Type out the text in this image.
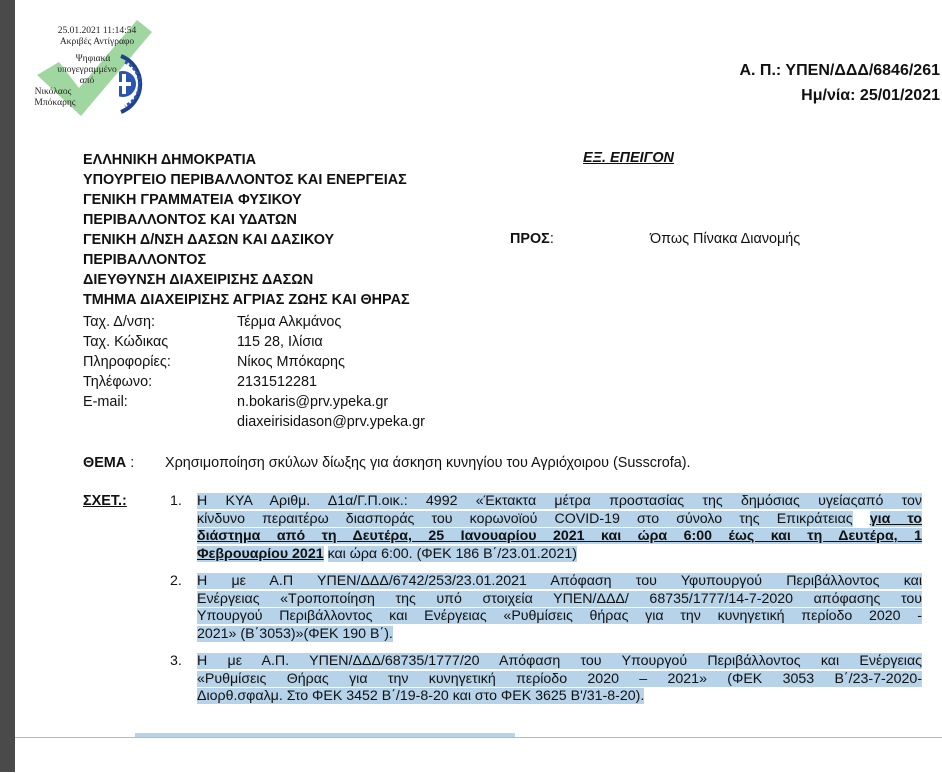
25.01.2021 11:14:54
Ακριβές Αντίγραφο
Ψηφιακά
υπογεγραμμένο
από
Νικόλαος
Μπόκαρης
Α. Π.: ΥΠΕΝ/ΔΔΔ/6846/261
Ημ/νία: 25/01/2021
ΕΛΛΗΝΙΚΗ ΔΗΜΟΚΡΑΤΙΑ
ΥΠΟΥΡΓΕΙΟ ΠΕΡΙΒΑΛΛΟΝΤΟΣ ΚΑΙ ΕΝΕΡΓΕΙΑΣ
ΓΕΝΙΚΗ ΓΡΑΜΜΑΤΕΙΑ ΦΥΣΙΚΟΥ
ΠΕΡΙΒΑΛΛΟΝΤΟΣ ΚΑΙ ΥΔΑΤΩΝ
ΓΕΝΙΚΗ Δ/ΝΣΗ ΔΑΣΩΝ ΚΑΙ ΔΑΣΙΚΟΥ
ΠΕΡΙΒΑΛΛΟΝΤΟΣ
ΔΙΕΥΘΥΝΣΗ ΔΙΑΧΕΙΡΙΣΗΣ ΔΑΣΩΝ
ΤΜΗΜΑ ΔΙΑΧΕΙΡΙΣΗΣ ΑΓΡΙΑΣ ΖΩΗΣ ΚΑΙ ΘΗΡΑΣ
ΕΞ. ΕΠΕΙΓΟΝ
ΠΡΟΣ:	Όπως Πίνακα Διανομής
Ταχ. Δ/νση:	Τέρμα Αλκμάνος
Ταχ. Κώδικας	115 28, Ιλίσια
Πληροφορίες:	Νίκος Μπόκαρης
Τηλέφωνο:	2131512281
E-mail:	n.bokaris@prv.ypeka.gr
diaxeirisidason@prv.ypeka.gr
ΘΕΜΑ : Χρησιμοποίηση σκύλων δίωξης για άσκηση κυνηγίου του Αγριόχοιρου (Susscrofa).
ΣΧΕΤ.:	1. Η ΚΥΑ Αριθμ. Δ1α/Γ.Π.οικ.: 4992 «Έκτακτα μέτρα προστασίας της δημόσιας υγείαςαπό τον
κίνδυνο περαιτέρω διασποράς του κορωνοϊού COVID-19 στο σύνολο της Επικράτειας για το
διάστημα από τη Δευτέρα, 25 Ιανουαρίου 2021 και ώρα 6:00 έως και τη Δευτέρα, 1
Φεβρουαρίου 2021 και ώρα 6:00. (ΦΕΚ 186 Β΄/23.01.2021)
2. Η με Α.Π ΥΠΕΝ/ΔΔΔ/6742/253/23.01.2021 Απόφαση του Υφυπουργού Περιβάλλοντος και
Ενέργειας «Τροποποίηση της υπό στοιχεία ΥΠΕΝ/ΔΔΔ/ 68735/1777/14-7-2020 απόφασης του
Υπουργού Περιβάλλοντος και Ενέργειας «Ρυθμίσεις θήρας για την κυνηγετική περίοδο 2020 -
2021» (Β΄3053)»(ΦΕΚ 190 Β΄).
3. Η με Α.Π. ΥΠΕΝ/ΔΔΔ/68735/1777/20 Απόφαση του Υπουργού Περιβάλλοντος και Ενέργειας
«Ρυθμίσεις Θήρας για την κυνηγετική περίοδο 2020 – 2021» (ΦΕΚ 3053 Β΄/23-7-2020-
Διορθ.σφαλμ. Στο ΦΕΚ 3452 Β΄/19-8-20 και στο ΦΕΚ 3625 Β'/31-8-20).
